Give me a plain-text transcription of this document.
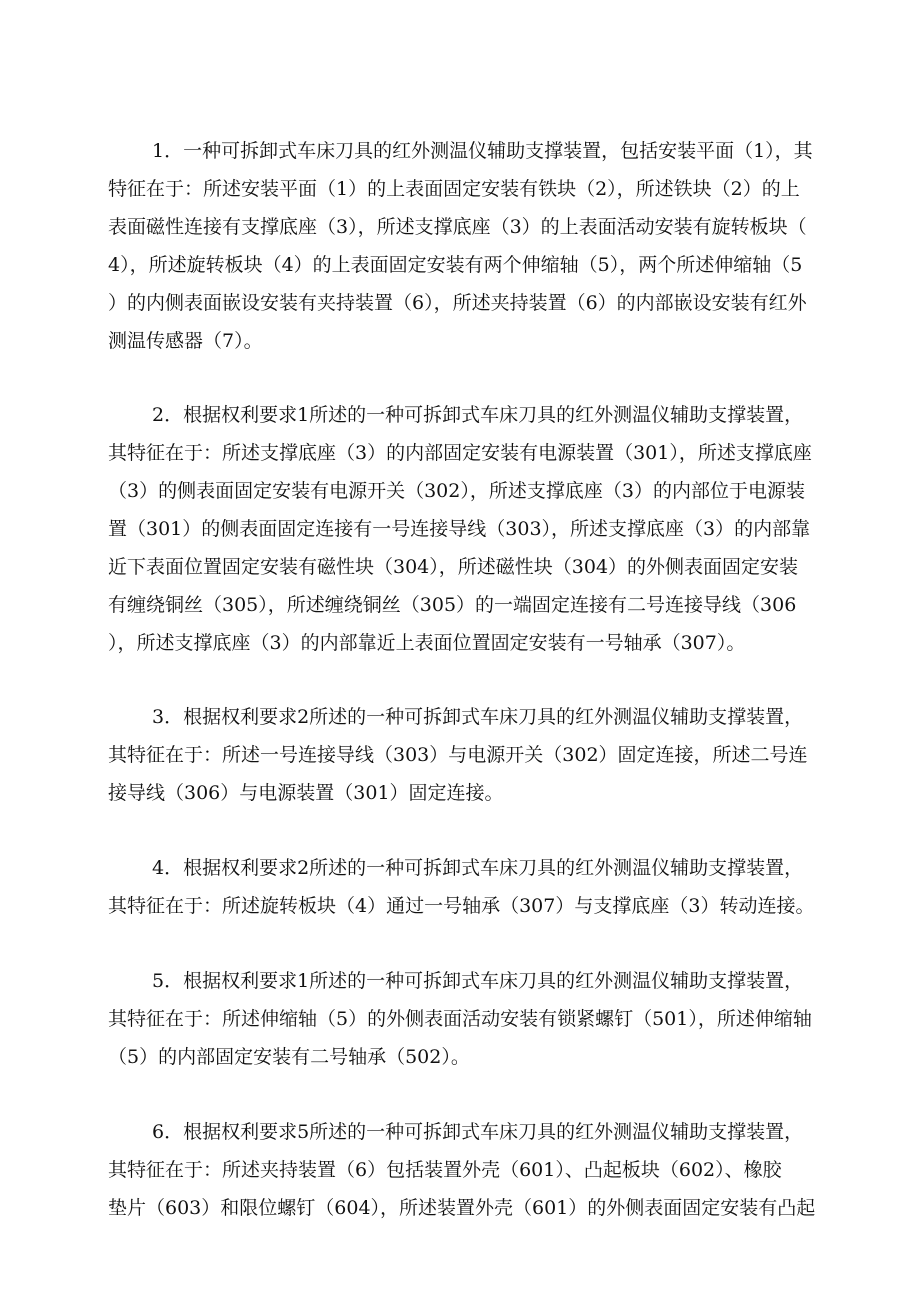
1．一种可拆卸式车床刀具的红外测温仪辅助支撑装置，包括安装平面（1），其
特征在于：所述安装平面（1）的上表面固定安装有铁块（2），所述铁块（2）的上
表面磁性连接有支撑底座（3），所述支撑底座（3）的上表面活动安装有旋转板块（
4），所述旋转板块（4）的上表面固定安装有两个伸缩轴（5），两个所述伸缩轴（5
）的内侧表面嵌设安装有夹持装置（6），所述夹持装置（6）的内部嵌设安装有红外
测温传感器（7）。
2．根据权利要求1所述的一种可拆卸式车床刀具的红外测温仪辅助支撑装置，
其特征在于：所述支撑底座（3）的内部固定安装有电源装置（301），所述支撑底座
（3）的侧表面固定安装有电源开关（302），所述支撑底座（3）的内部位于电源装
置（301）的侧表面固定连接有一号连接导线（303），所述支撑底座（3）的内部靠
近下表面位置固定安装有磁性块（304），所述磁性块（304）的外侧表面固定安装
有缠绕铜丝（305），所述缠绕铜丝（305）的一端固定连接有二号连接导线（306
），所述支撑底座（3）的内部靠近上表面位置固定安装有一号轴承（307）。
3．根据权利要求2所述的一种可拆卸式车床刀具的红外测温仪辅助支撑装置，
其特征在于：所述一号连接导线（303）与电源开关（302）固定连接，所述二号连
接导线（306）与电源装置（301）固定连接。
4．根据权利要求2所述的一种可拆卸式车床刀具的红外测温仪辅助支撑装置，
其特征在于：所述旋转板块（4）通过一号轴承（307）与支撑底座（3）转动连接。
5．根据权利要求1所述的一种可拆卸式车床刀具的红外测温仪辅助支撑装置，
其特征在于：所述伸缩轴（5）的外侧表面活动安装有锁紧螺钉（501），所述伸缩轴
（5）的内部固定安装有二号轴承（502）。
6．根据权利要求5所述的一种可拆卸式车床刀具的红外测温仪辅助支撑装置，
其特征在于：所述夹持装置（6）包括装置外壳（601）、凸起板块（602）、橡胶
垫片（603）和限位螺钉（604），所述装置外壳（601）的外侧表面固定安装有凸起
